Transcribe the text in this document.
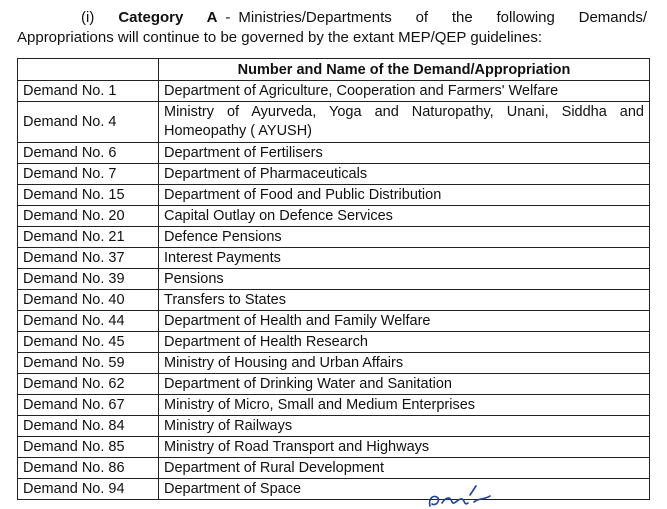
(i) Category A - Ministries/Departments of the following Demands/
Appropriations will continue to be governed by the extant MEP/QEP guidelines:
	Number and Name of the Demand/Appropriation
Demand No. 1	Department of Agriculture, Cooperation and Farmers' Welfare
Demand No. 4	Ministry of Ayurveda, Yoga and Naturopathy, Unani, Siddha and Homeopathy ( AYUSH)
Demand No. 6	Department of Fertilisers
Demand No. 7	Department of Pharmaceuticals
Demand No. 15	Department of Food and Public Distribution
Demand No. 20	Capital Outlay on Defence Services
Demand No. 21	Defence Pensions
Demand No. 37	Interest Payments
Demand No. 39	Pensions
Demand No. 40	Transfers to States
Demand No. 44	Department of Health and Family Welfare
Demand No. 45	Department of Health Research
Demand No. 59	Ministry of Housing and Urban Affairs
Demand No. 62	Department of Drinking Water and Sanitation
Demand No. 67	Ministry of Micro, Small and Medium Enterprises
Demand No. 84	Ministry of Railways
Demand No. 85	Ministry of Road Transport and Highways
Demand No. 86	Department of Rural Development
Demand No. 94	Department of Space
